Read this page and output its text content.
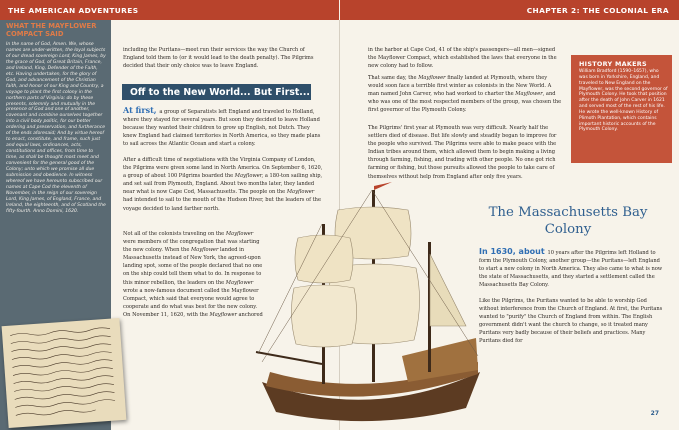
THE AMERICAN ADVENTURES	CHAPTER 2: THE COLONIAL ERA
WHAT THE MAYFLOWER COMPACT SAID
In the name of God, Amen. We, whose names are under-written, the loyal subjects of our dread sovereign Lord, King James, by the grace of God, of Great Britain, France, and Ireland, King, Defender of the Faith, etc. Having undertaken, for the glory of God, and advancement of the Christian faith, and honor of our King and Country, a voyage to plant the first colony in the northern parts of Virginia; do by these presents, solemnly and mutually in the presence of God and one of another, covenant and combine ourselves together into a civil body politic, for our better ordering and preservation, and furtherance of the ends aforesaid; And by virtue hereof to enact, constitute, and frame, such just and equal laws, ordinances, acts, constitutions and offices, from time to time, as shall be thought most meet and convenient for the general good of the Colony; unto which we promise all due submission and obedience. In witness whereof we have hereunto subscribed our names at Cape Cod the eleventh of November, in the reign of our sovereign Lord, King James, of England, France, and Ireland, the eighteenth, and of Scotland the fifty-fourth. Anno Domini, 1620.
including the Puritans—meet run their services the way the Church of England told them to (or it would lead to the death penalty). The Pilgrims decided that their only choice was to leave England.
Off to the New World... But First...
At first, a group of Separatists left England and traveled to Holland, where they stayed for several years. But soon they decided to leave Holland because they wanted their children to grow up English, not Dutch. They knew England had claimed territories in North America, so they made plans to sail across the Atlantic Ocean and start a colony.
After a difficult time of negotiations with the Virginia Company of London, the Pilgrims were given some land in North America. On September 6, 1620, a group of about 100 Pilgrims boarded the Mayflower, a 180-ton sailing ship, and set sail from Plymouth, England. About two months later, they landed near what is now Cape Cod, Massachusetts. The people on the Mayflower had intended to sail to the mouth of the Hudson River, but the leaders of the voyage decided to land farther north.
Not all of the colonists traveling on the Mayflower were members of the congregation that was starting the new colony. When the Mayflower landed in Massachusetts instead of New York, the agreed-upon landing spot, some of the people declared that no one on the ship could tell them what to do. In response to this minor rebellion, the leaders on the Mayflower wrote a now-famous document called the Mayflower Compact, which said that everyone would agree to cooperate and do what was best for the new colony. On November 11, 1620, with the Mayflower anchored
in the harbor at Cape Cod, 41 of the ship's passengers—all men—signed the Mayflower Compact, which established the laws that everyone in the new colony had to follow.
That same day, the Mayflower finally landed at Plymouth, where they would soon face a terrible first winter as colonists in the New World. A man named John Carver, who had worked to charter the Mayflower, and who was one of the most respected members of the group, was chosen the first governor of the Plymouth Colony.
The Pilgrims' first year at Plymouth was very difficult. Nearly half the settlers died of disease. But life slowly and steadily began to improve for the people who survived. The Pilgrims were able to make peace with the Indian tribes around them, which allowed them to begin making a living through farming, fishing, and trading with other people. No one got rich farming or fishing, but those pursuits allowed the people to take care of themselves without help from England after only five years.
HISTORY MAKERS
William Bradford (1590–1657), who was born in Yorkshire, England, and traveled to New England on the Mayflower, was the second governor of Plymouth Colony. He took that position after the death of John Carver in 1621 and served most of the rest of his life. He wrote the well-known History of Plimoth Plantation, which contains important historic accounts of the Plymouth Colony.
The Massachusetts Bay Colony
In 1630, about 10 years after the Pilgrims left Holland to form the Plymouth Colony, another group—the Puritans—left England to start a new colony in North America. They also came to what is now the state of Massachusetts, and they started a settlement called the Massachusetts Bay Colony.
Like the Pilgrims, the Puritans wanted to be able to worship God without interference from the Church of England. At first, the Puritans wanted to "purify" the Church of England from within. The English government didn't want the church to change, so it treated many Puritans very badly because of their beliefs and practices. Many Puritans died for
27
